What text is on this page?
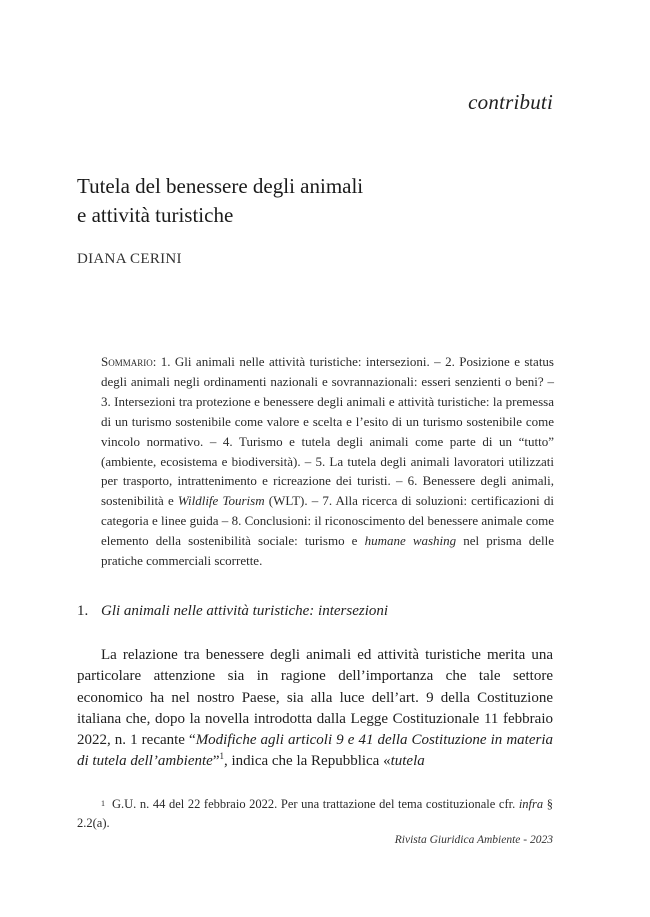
contributi
Tutela del benessere degli animali
e attività turistiche
DIANA CERINI
Sommario: 1. Gli animali nelle attività turistiche: intersezioni. – 2. Posizione e status degli animali negli ordinamenti nazionali e sovrannazionali: esseri senzienti o beni? – 3. Intersezioni tra protezione e benessere degli animali e attività turistiche: la premessa di un turismo sostenibile come valore e scelta e l’esito di un turismo sostenibile come vincolo normativo. – 4. Turismo e tutela degli animali come parte di un “tutto” (ambiente, ecosistema e biodiversità). – 5. La tutela degli animali lavoratori utilizzati per trasporto, intrattenimento e ricreazione dei turisti. – 6. Benessere degli animali, sostenibilità e Wildlife Tourism (WLT). – 7. Alla ricerca di soluzioni: certificazioni di categoria e linee guida – 8. Conclusioni: il riconoscimento del benessere animale come elemento della sostenibilità sociale: turismo e humane washing nel prisma delle pratiche commerciali scorrette.
1. Gli animali nelle attività turistiche: intersezioni

La relazione tra benessere degli animali ed attività turistiche merita una particolare attenzione sia in ragione dell’importanza che tale settore economico ha nel nostro Paese, sia alla luce dell’art. 9 della Costituzione italiana che, dopo la novella introdotta dalla Legge Costituzionale 11 febbraio 2022, n. 1 recante “Modifiche agli articoli 9 e 41 della Costituzione in materia di tutela dell’ambiente”$^1$, indica che la Repubblica «tutela

$^1$ G.U. n. 44 del 22 febbraio 2022. Per una trattazione del tema costituzionale cfr. infra § 2.2(a).
Rivista Giuridica Ambiente - 2023
